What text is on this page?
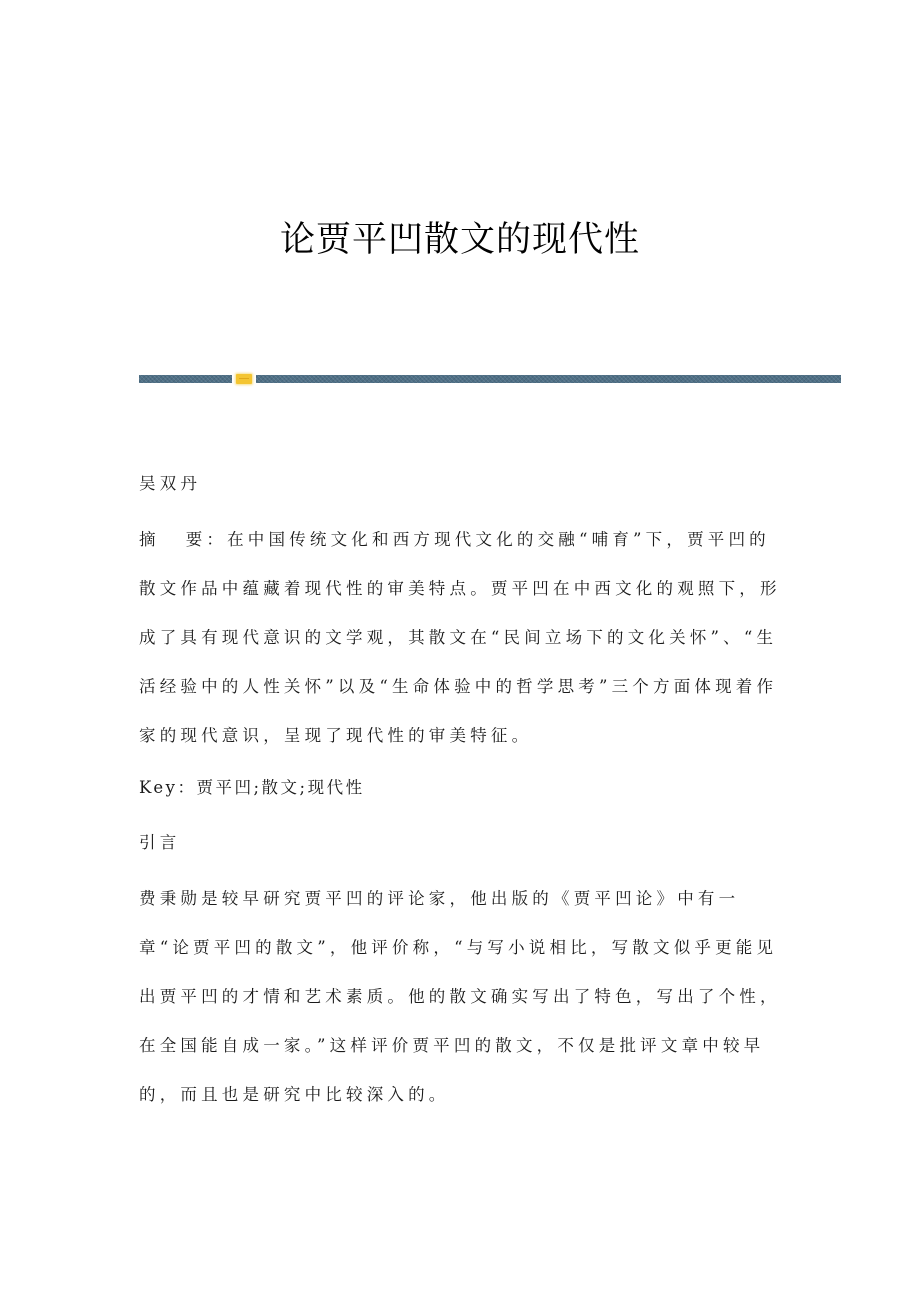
论贾平凹散文的现代性

吴双丹

摘 要：在中国传统文化和西方现代文化的交融“哺育”下，贾平凹的散文作品中蕴藏着现代性的审美特点。贾平凹在中西文化的观照下，形成了具有现代意识的文学观，其散文在“民间立场下的文化关怀”、“生活经验中的人性关怀”以及“生命体验中的哲学思考”三个方面体现着作家的现代意识，呈现了现代性的审美特征。

Key：贾平凹;散文;现代性

引言

费秉勋是较早研究贾平凹的评论家，他出版的《贾平凹论》中有一章“论贾平凹的散文”，他评价称，“与写小说相比，写散文似乎更能见出贾平凹的才情和艺术素质。他的散文确实写出了特色，写出了个性，在全国能自成一家。”这样评价贾平凹的散文，不仅是批评文章中较早的，而且也是研究中比较深入的。
